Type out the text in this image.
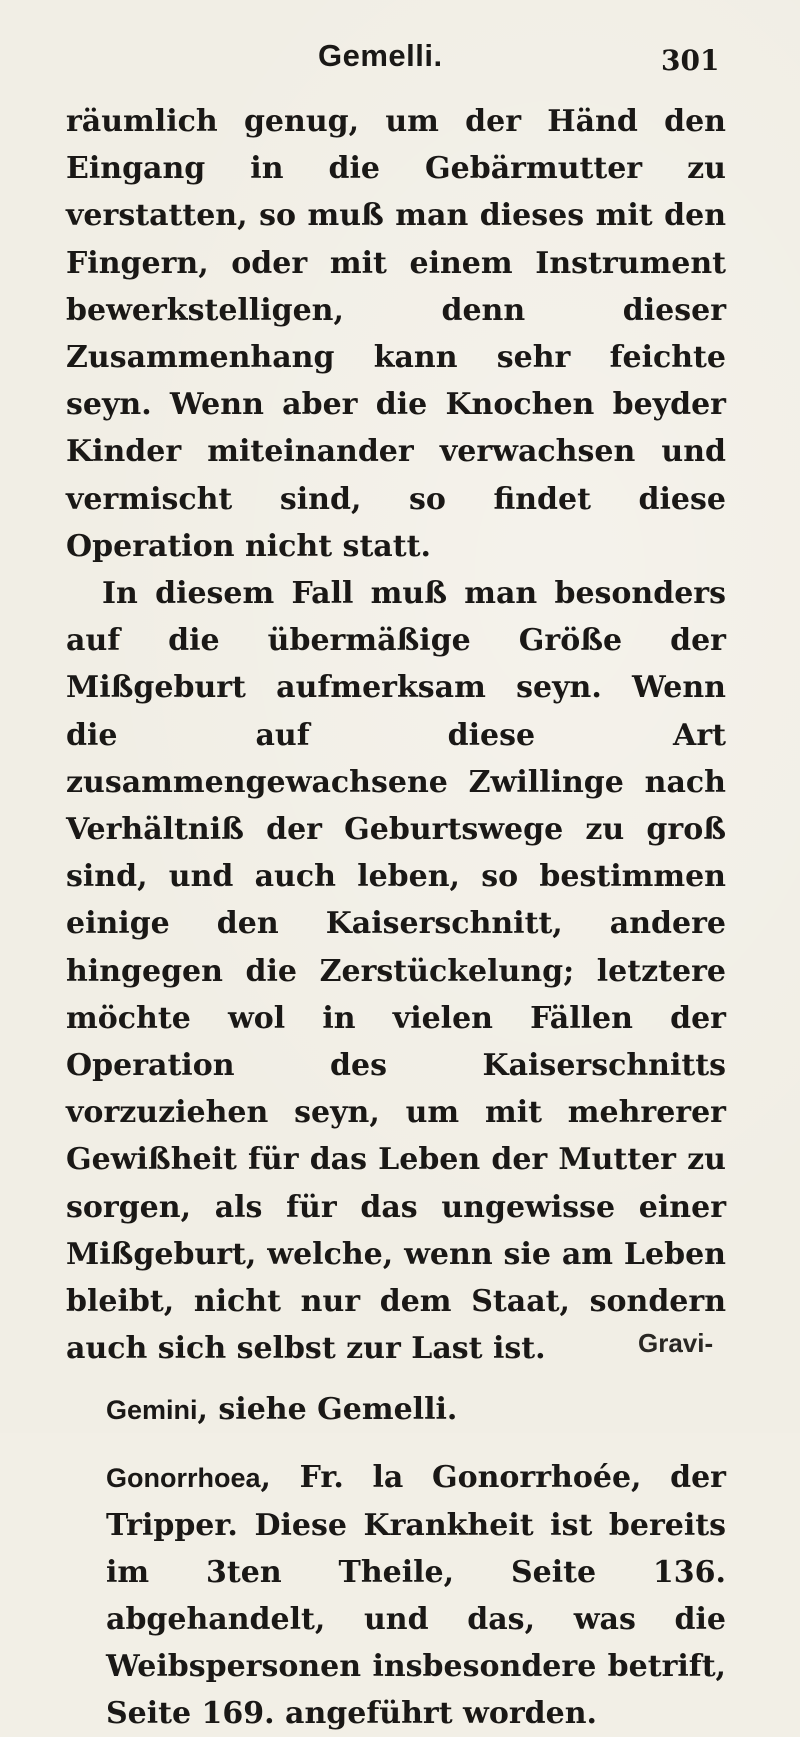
Gemelli.	301

räumlich genug, um der Händ den Eingang in die Gebärmutter zu verstatten, so muß man dieses mit den Fingern, oder mit einem Instrument bewerkstelligen, denn dieser Zusammenhang kann sehr feichte seyn. Wenn aber die Knochen beyder Kinder miteinander verwachsen und vermischt sind, so findet diese Operation nicht statt.

In diesem Fall muß man besonders auf die übermäßige Größe der Mißgeburt aufmerksam seyn. Wenn die auf diese Art zusammengewachsene Zwillinge nach Verhältniß der Geburtswege zu groß sind, und auch leben, so bestimmen einige den Kaiserschnitt, andere hingegen die Zerstückelung; letztere möchte wol in vielen Fällen der Operation des Kaiserschnitts vorzuziehen seyn, um mit mehrerer Gewißheit für das Leben der Mutter zu sorgen, als für das ungewisse einer Mißgeburt, welche, wenn sie am Leben bleibt, nicht nur dem Staat, sondern auch sich selbst zur Last ist.

Gemini, siehe Gemelli.

Gonorrhoea, Fr. la Gonorrhoée, der Tripper. Diese Krankheit ist bereits im 3ten Theile, Seite 136. abgehandelt, und das, was die Weibspersonen insbesondere betrift, Seite 169. angeführt worden.

Gravi-
